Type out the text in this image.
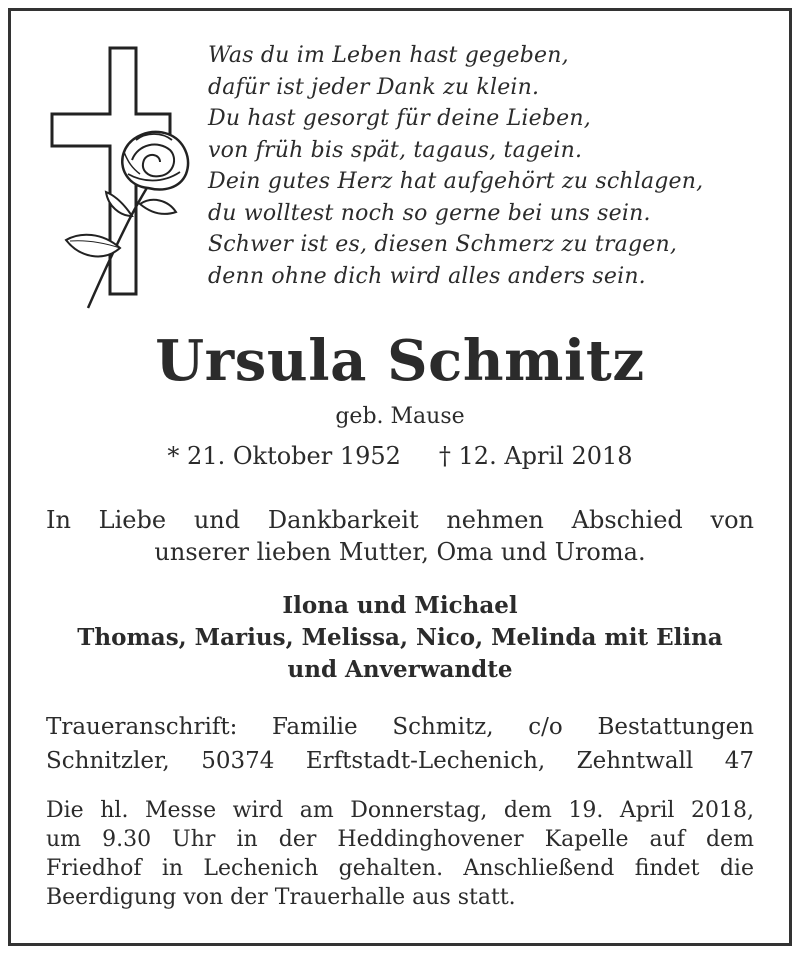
Was du im Leben hast gegeben,
dafür ist jeder Dank zu klein.
Du hast gesorgt für deine Lieben,
von früh bis spät, tagaus, tagein.
Dein gutes Herz hat aufgehört zu schlagen,
du wolltest noch so gerne bei uns sein.
Schwer ist es, diesen Schmerz zu tragen,
denn ohne dich wird alles anders sein.
Ursula Schmitz
geb. Mause
* 21. Oktober 1952 † 12. April 2018
In Liebe und Dankbarkeit nehmen Abschied von
unserer lieben Mutter, Oma und Uroma.
Ilona und Michael
Thomas, Marius, Melissa, Nico, Melinda mit Elina
und Anverwandte
Traueranschrift: Familie Schmitz, c/o Bestattungen
Schnitzler, 50374 Erftstadt-Lechenich, Zehntwall 47
Die hl. Messe wird am Donnerstag, dem 19. April 2018,
um 9.30 Uhr in der Heddinghovener Kapelle auf dem
Friedhof in Lechenich gehalten. Anschließend findet die
Beerdigung von der Trauerhalle aus statt.
